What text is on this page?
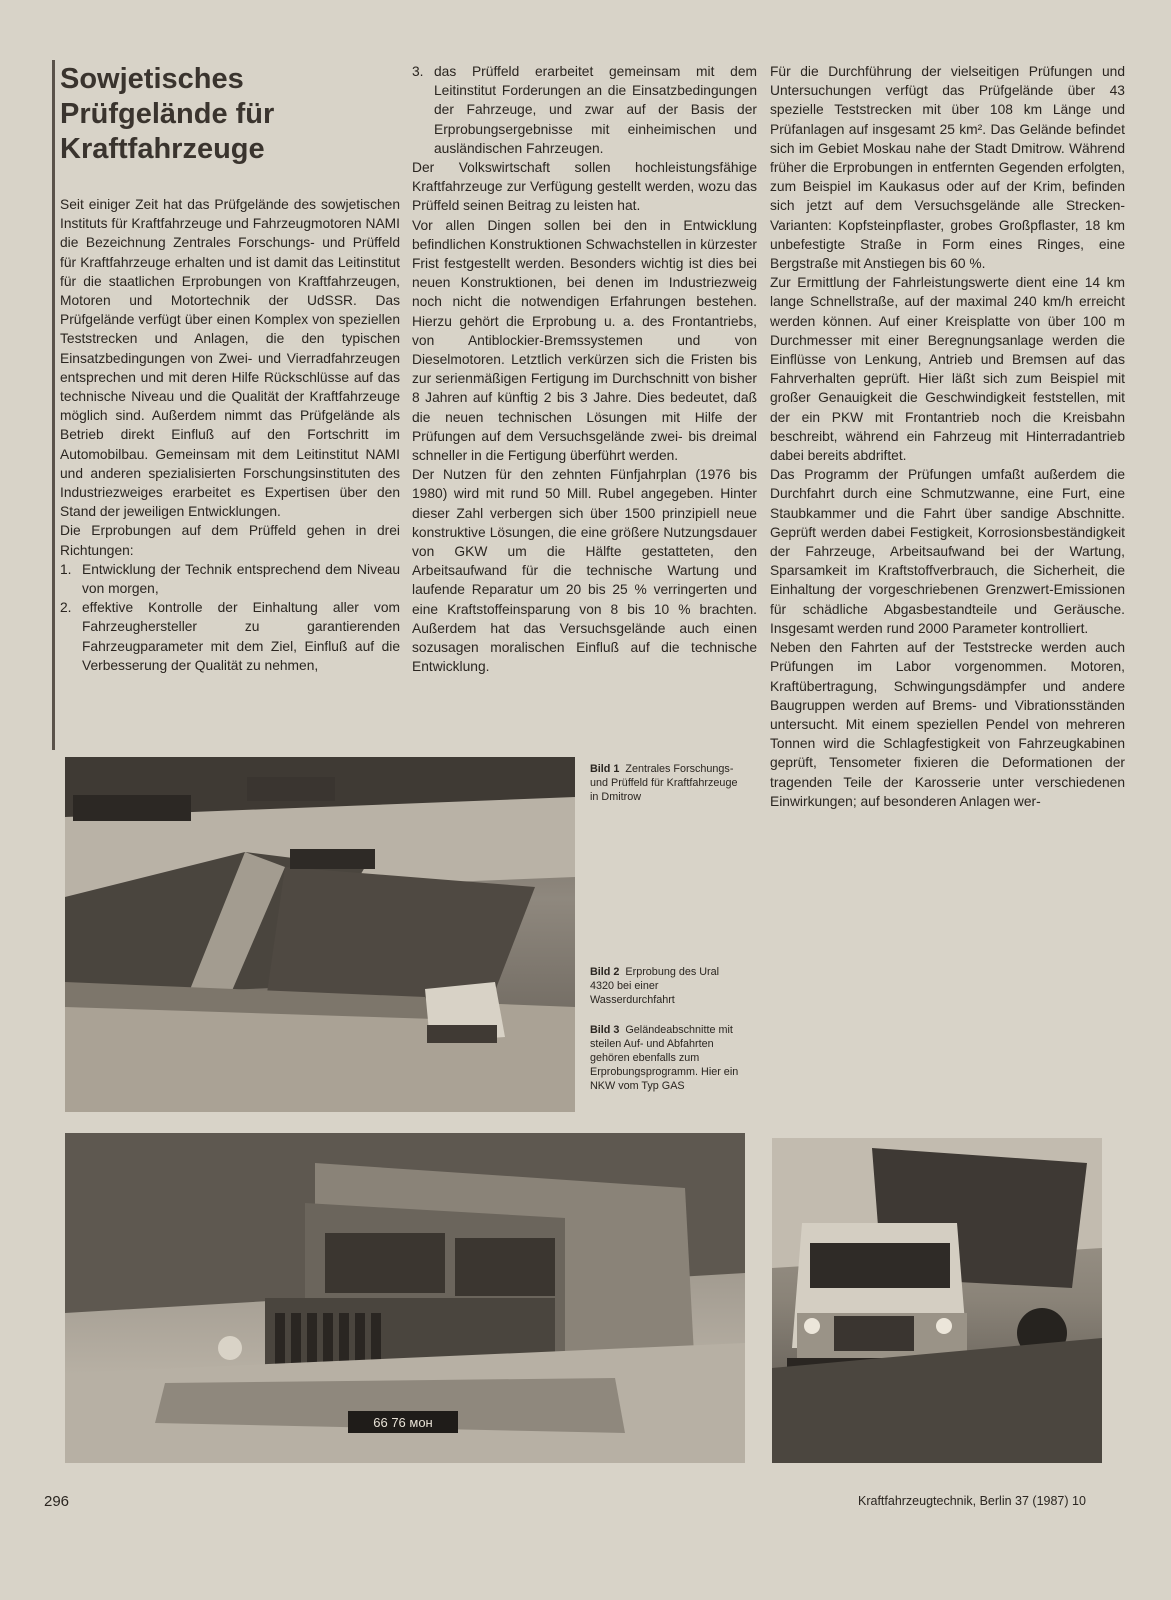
Sowjetisches Prüfgelände für Kraftfahrzeuge

Seit einiger Zeit hat das Prüfgelände des sowjetischen Instituts für Kraftfahrzeuge und Fahrzeugmotoren NAMI die Bezeichnung Zentrales Forschungs- und Prüffeld für Kraftfahrzeuge erhalten und ist damit das Leitinstitut für die staatlichen Erprobungen von Kraftfahrzeugen, Motoren und Motortechnik der UdSSR. Das Prüfgelände verfügt über einen Komplex von speziellen Teststrecken und Anlagen, die den typischen Einsatzbedingungen von Zwei- und Vierradfahrzeugen entsprechen und mit deren Hilfe Rückschlüsse auf das technische Niveau und die Qualität der Kraftfahrzeuge möglich sind. Außerdem nimmt das Prüfgelände als Betrieb direkt Einfluß auf den Fortschritt im Automobilbau. Gemeinsam mit dem Leitinstitut NAMI und anderen spezialisierten Forschungsinstituten des Industriezweiges erarbeitet es Expertisen über den Stand der jeweiligen Entwicklungen.

Die Erprobungen auf dem Prüffeld gehen in drei Richtungen:

1. Entwicklung der Technik entsprechend dem Niveau von morgen,
2. effektive Kontrolle der Einhaltung aller vom Fahrzeughersteller zu garantierenden Fahrzeugparameter mit dem Ziel, Einfluß auf die Verbesserung der Qualität zu nehmen,
3. das Prüffeld erarbeitet gemeinsam mit dem Leitinstitut Forderungen an die Einsatzbedingungen der Fahrzeuge, und zwar auf der Basis der Erprobungsergebnisse mit einheimischen und ausländischen Fahrzeugen.

Der Volkswirtschaft sollen hochleistungsfähige Kraftfahrzeuge zur Verfügung gestellt werden, wozu das Prüffeld seinen Beitrag zu leisten hat.

Vor allen Dingen sollen bei den in Entwicklung befindlichen Konstruktionen Schwachstellen in kürzester Frist festgestellt werden. Besonders wichtig ist dies bei neuen Konstruktionen, bei denen im Industriezweig noch nicht die notwendigen Erfahrungen bestehen. Hierzu gehört die Erprobung u. a. des Frontantriebs, von Antiblockier-Bremssystemen und von Dieselmotoren. Letztlich verkürzen sich die Fristen bis zur serienmäßigen Fertigung im Durchschnitt von bisher 8 Jahren auf künftig 2 bis 3 Jahre. Dies bedeutet, daß die neuen technischen Lösungen mit Hilfe der Prüfungen auf dem Versuchsgelände zwei- bis dreimal schneller in die Fertigung überführt werden.

Der Nutzen für den zehnten Fünfjahrplan (1976 bis 1980) wird mit rund 50 Mill. Rubel angegeben. Hinter dieser Zahl verbergen sich über 1500 prinzipiell neue konstruktive Lösungen, die eine größere Nutzungsdauer von GKW um die Hälfte gestatteten, den Arbeitsaufwand für die technische Wartung und laufende Reparatur um 20 bis 25 % verringerten und eine Kraftstoffeinsparung von 8 bis 10 % brachten. Außerdem hat das Versuchsgelände auch einen sozusagen moralischen Einfluß auf die technische Entwicklung.

Für die Durchführung der vielseitigen Prüfungen und Untersuchungen verfügt das Prüfgelände über 43 spezielle Teststrecken mit über 108 km Länge und Prüfanlagen auf insgesamt 25 km². Das Gelände befindet sich im Gebiet Moskau nahe der Stadt Dmitrow. Während früher die Erprobungen in entfernten Gegenden erfolgten, zum Beispiel im Kaukasus oder auf der Krim, befinden sich jetzt auf dem Versuchsgelände alle Strecken-Varianten: Kopfsteinpflaster, grobes Großpflaster, 18 km unbefestigte Straße in Form eines Ringes, eine Bergstraße mit Anstiegen bis 60 %.

Zur Ermittlung der Fahrleistungswerte dient eine 14 km lange Schnellstraße, auf der maximal 240 km/h erreicht werden können. Auf einer Kreisplatte von über 100 m Durchmesser mit einer Beregnungsanlage werden die Einflüsse von Lenkung, Antrieb und Bremsen auf das Fahrverhalten geprüft. Hier läßt sich zum Beispiel mit großer Genauigkeit die Geschwindigkeit feststellen, mit der ein PKW mit Frontantrieb noch die Kreisbahn beschreibt, während ein Fahrzeug mit Hinterradantrieb dabei bereits abdriftet.

Das Programm der Prüfungen umfaßt außerdem die Durchfahrt durch eine Schmutzwanne, eine Furt, eine Staubkammer und die Fahrt über sandige Abschnitte. Geprüft werden dabei Festigkeit, Korrosionsbeständigkeit der Fahrzeuge, Arbeitsaufwand bei der Wartung, Sparsamkeit im Kraftstoffverbrauch, die Sicherheit, die Einhaltung der vorgeschriebenen Grenzwert-Emissionen für schädliche Abgasbestandteile und Geräusche. Insgesamt werden rund 2000 Parameter kontrolliert.

Neben den Fahrten auf der Teststrecke werden auch Prüfungen im Labor vorgenommen. Motoren, Kraftübertragung, Schwingungsdämpfer und andere Baugruppen werden auf Brems- und Vibrationsständen untersucht. Mit einem speziellen Pendel von mehreren Tonnen wird die Schlagfestigkeit von Fahrzeugkabinen geprüft, Tensometer fixieren die Deformationen der tragenden Teile der Karosserie unter verschiedenen Einwirkungen; auf besonderen Anlagen wer-

Bild 1 Zentrales Forschungs- und Prüffeld für Kraftfahrzeuge in Dmitrow
Bild 2 Erprobung des Ural 4320 bei einer Wasserdurchfahrt
Bild 3 Geländeabschnitte mit steilen Auf- und Abfahrten gehören ebenfalls zum Erprobungsprogramm. Hier ein NKW vom Typ GAS
66 76 мон
296	Kraftfahrzeugtechnik, Berlin 37 (1987) 10
